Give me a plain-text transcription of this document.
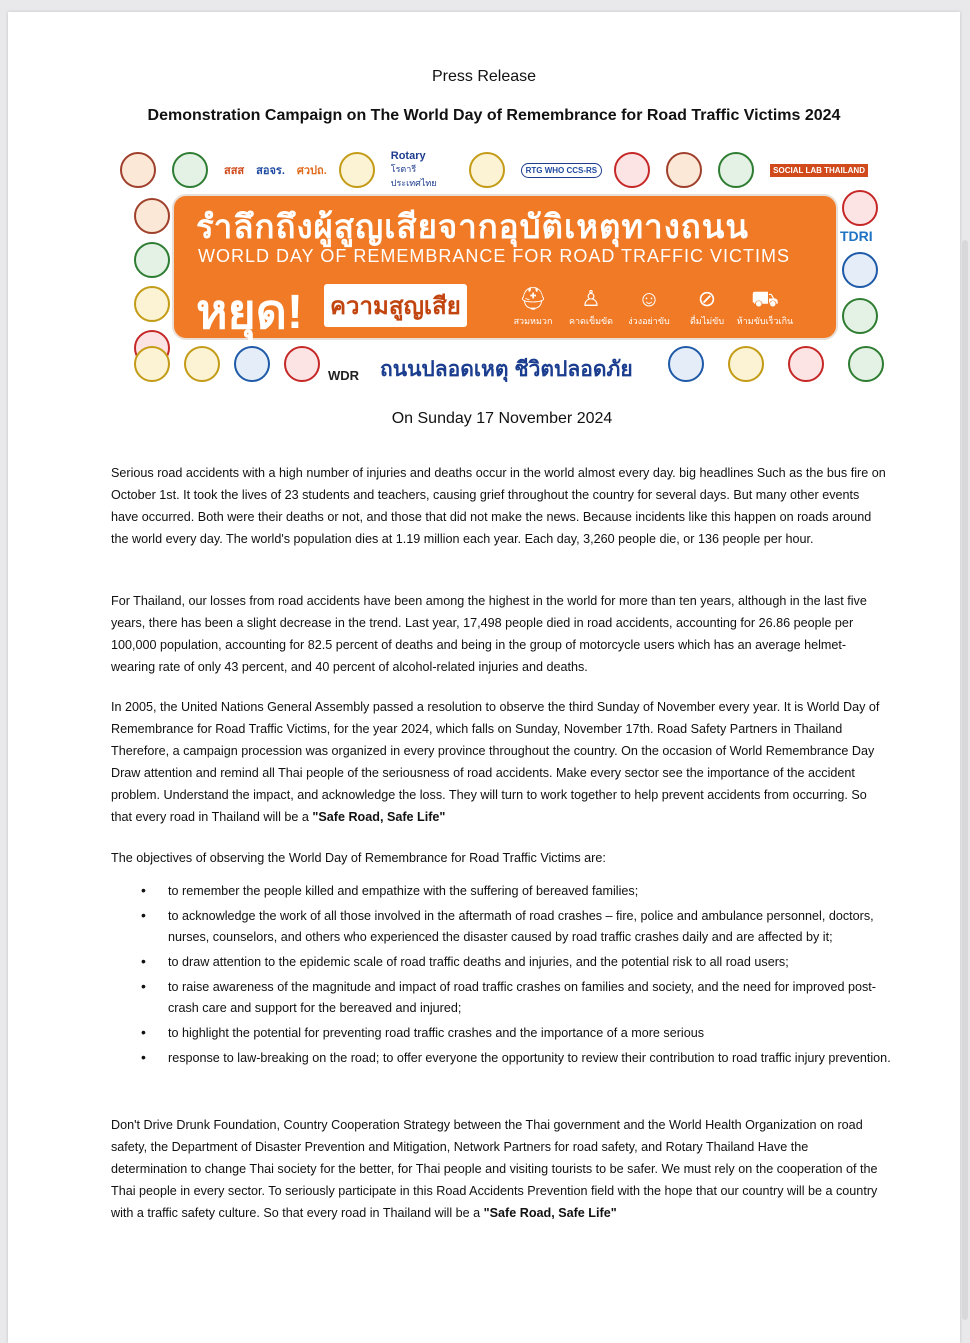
Press Release
Demonstration Campaign on The World Day of Remembrance for Road Traffic Victims 2024
สสส สอจร. ศวปถ.
Rotary
โรตารีประเทศไทย
RTG WHO CCS-RS	SOCIAL LAB THAILAND
รำลึกถึงผู้สูญเสียจากอุบัติเหตุทางถนน
WORLD DAY OF REMEMBRANCE FOR ROAD TRAFFIC VICTIMS
หยุด! ความสูญเสีย	⛑
สวมหมวก
♙
คาดเข็มขัด
☺
ง่วงอย่าขับ
⊘
ดื่มไม่ขับ
⛟
ห้ามขับเร็วเกิน
TDRI
WDR ถนนปลอดเหตุ ชีวิตปลอดภัย
On Sunday 17 November 2024
Serious road accidents with a high number of injuries and deaths occur in the world almost every day. big headlines Such as the bus fire on October 1st. It took the lives of 23 students and teachers, causing grief throughout the country for several days. But many other events have occurred. Both were their deaths or not, and those that did not make the news. Because incidents like this happen on roads around the world every day. The world's population dies at 1.19 million each year. Each day, 3,260 people die, or 136 people per hour.
For Thailand, our losses from road accidents have been among the highest in the world for more than ten years, although in the last five years, there has been a slight decrease in the trend. Last year, 17,498 people died in road accidents, accounting for 26.86 people per 100,000 population, accounting for 82.5 percent of deaths and being in the group of motorcycle users which has an average helmet-wearing rate of only 43 percent, and 40 percent of alcohol-related injuries and deaths.
In 2005, the United Nations General Assembly passed a resolution to observe the third Sunday of November every year. It is World Day of Remembrance for Road Traffic Victims, for the year 2024, which falls on Sunday, November 17th. Road Safety Partners in Thailand Therefore, a campaign procession was organized in every province throughout the country. On the occasion of World Remembrance Day Draw attention and remind all Thai people of the seriousness of road accidents. Make every sector see the importance of the accident problem. Understand the impact, and acknowledge the loss. They will turn to work together to help prevent accidents from occurring. So that every road in Thailand will be a "Safe Road, Safe Life"
The objectives of observing the World Day of Remembrance for Road Traffic Victims are:
• to remember the people killed and empathize with the suffering of bereaved families;
• to acknowledge the work of all those involved in the aftermath of road crashes – fire, police and ambulance personnel, doctors, nurses, counselors, and others who experienced the disaster caused by road traffic crashes daily and are affected by it;
• to draw attention to the epidemic scale of road traffic deaths and injuries, and the potential risk to all road users;
• to raise awareness of the magnitude and impact of road traffic crashes on families and society, and the need for improved post-crash care and support for the bereaved and injured;
• to highlight the potential for preventing road traffic crashes and the importance of a more serious
• response to law-breaking on the road; to offer everyone the opportunity to review their contribution to road traffic injury prevention.
Don't Drive Drunk Foundation, Country Cooperation Strategy between the Thai government and the World Health Organization on road safety, the Department of Disaster Prevention and Mitigation, Network Partners for road safety, and Rotary Thailand Have the determination to change Thai society for the better, for Thai people and visiting tourists to be safer. We must rely on the cooperation of the Thai people in every sector. To seriously participate in this Road Accidents Prevention field with the hope that our country will be a country with a traffic safety culture. So that every road in Thailand will be a "Safe Road, Safe Life"
